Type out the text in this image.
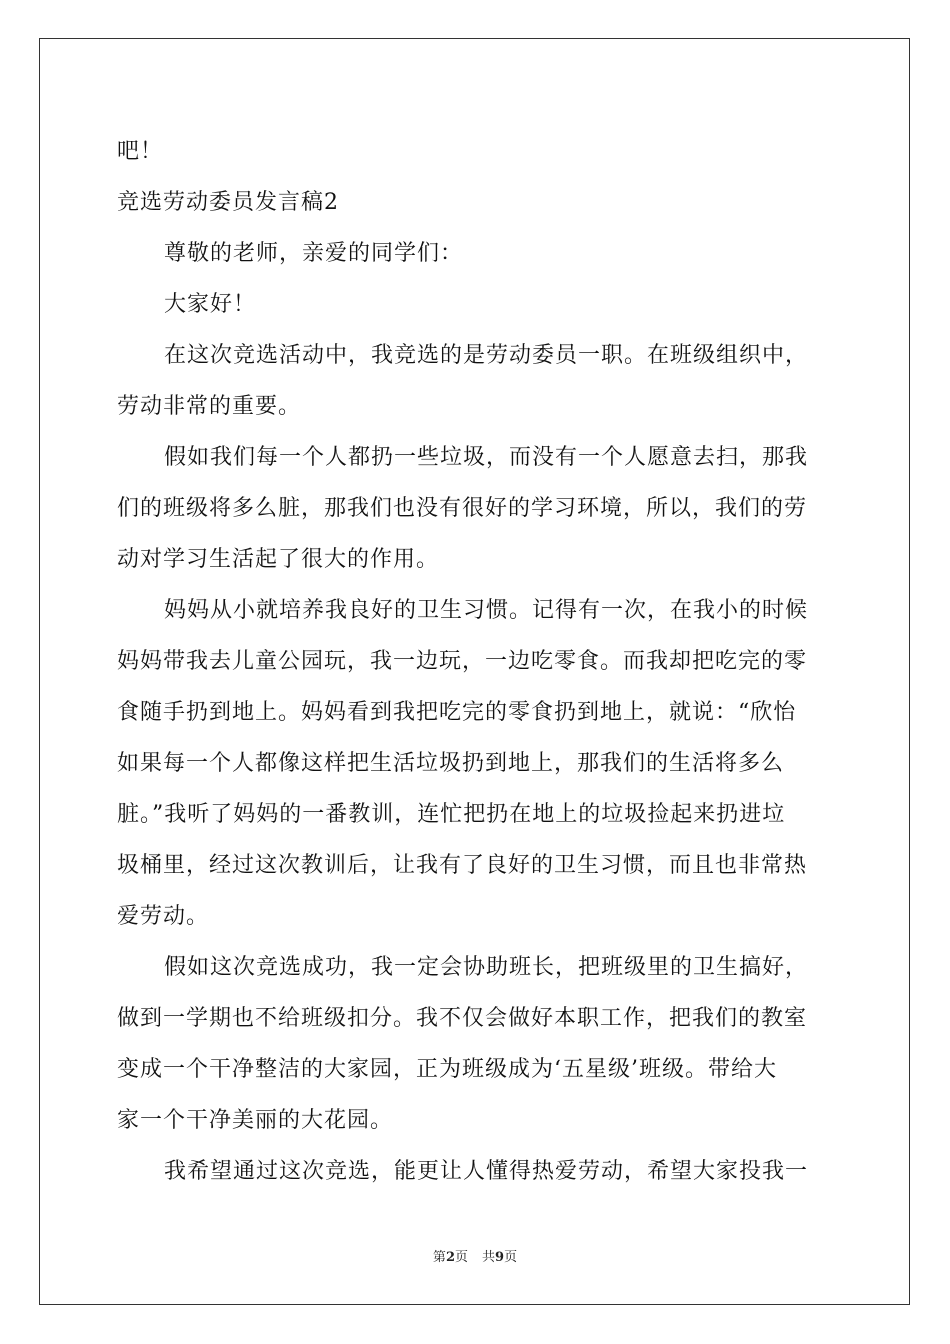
吧！
竞选劳动委员发言稿2
尊敬的老师，亲爱的同学们：
大家好！
在这次竞选活动中，我竞选的是劳动委员一职。在班级组织中，
劳动非常的重要。
假如我们每一个人都扔一些垃圾，而没有一个人愿意去扫，那我
们的班级将多么脏，那我们也没有很好的学习环境，所以，我们的劳
动对学习生活起了很大的作用。
妈妈从小就培养我良好的卫生习惯。记得有一次，在我小的时候
妈妈带我去儿童公园玩，我一边玩，一边吃零食。而我却把吃完的零
食随手扔到地上。妈妈看到我把吃完的零食扔到地上，就说：“欣怡
如果每一个人都像这样把生活垃圾扔到地上，那我们的生活将多么
脏。”我听了妈妈的一番教训，连忙把扔在地上的垃圾捡起来扔进垃
圾桶里，经过这次教训后，让我有了良好的卫生习惯，而且也非常热
爱劳动。
假如这次竞选成功，我一定会协助班长，把班级里的卫生搞好，
做到一学期也不给班级扣分。我不仅会做好本职工作，把我们的教室
变成一个干净整洁的大家园，正为班级成为‘五星级’班级。带给大
家一个干净美丽的大花园。
我希望通过这次竞选，能更让人懂得热爱劳动，希望大家投我一
第2页 共9页
